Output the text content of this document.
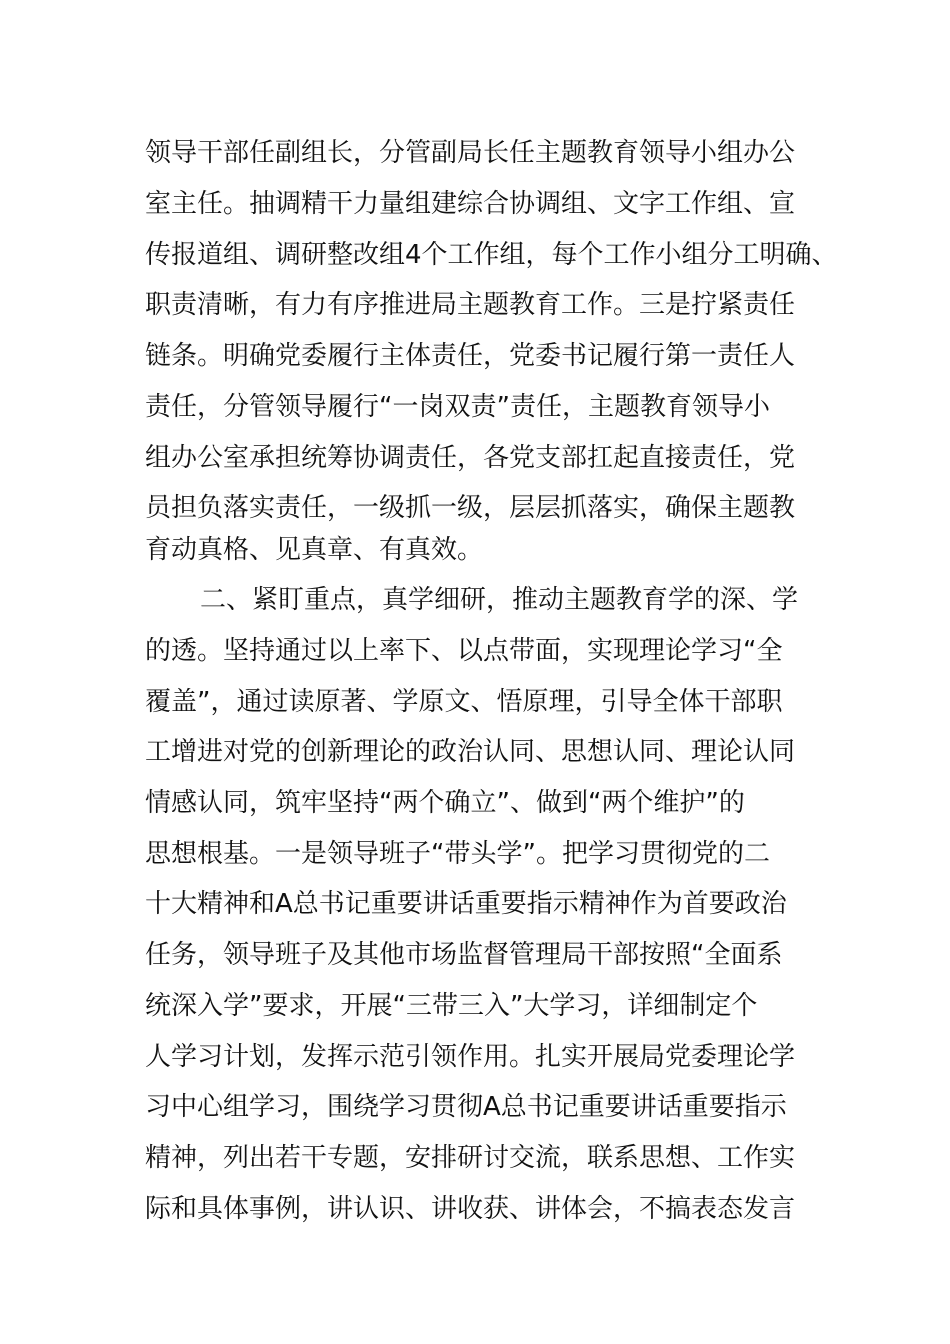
领导干部任副组长，分管副局长任主题教育领导小组办公
室主任。抽调精干力量组建综合协调组、文字工作组、宣
传报道组、调研整改组4个工作组，每个工作小组分工明确、
职责清晰，有力有序推进局主题教育工作。三是拧紧责任
链条。明确党委履行主体责任，党委书记履行第一责任人
责任，分管领导履行“一岗双责”责任，主题教育领导小
组办公室承担统筹协调责任，各党支部扛起直接责任，党
员担负落实责任，一级抓一级，层层抓落实，确保主题教
育动真格、见真章、有真效。
二、紧盯重点，真学细研，推动主题教育学的深、学
的透。坚持通过以上率下、以点带面，实现理论学习“全
覆盖”，通过读原著、学原文、悟原理，引导全体干部职
工增进对党的创新理论的政治认同、思想认同、理论认同
情感认同，筑牢坚持“两个确立”、做到“两个维护”的
思想根基。一是领导班子“带头学”。把学习贯彻党的二
十大精神和A总书记重要讲话重要指示精神作为首要政治
任务，领导班子及其他市场监督管理局干部按照“全面系
统深入学”要求，开展“三带三入”大学习，详细制定个
人学习计划，发挥示范引领作用。扎实开展局党委理论学
习中心组学习，围绕学习贯彻A总书记重要讲话重要指示
精神，列出若干专题，安排研讨交流，联系思想、工作实
际和具体事例，讲认识、讲收获、讲体会，不搞表态发言
